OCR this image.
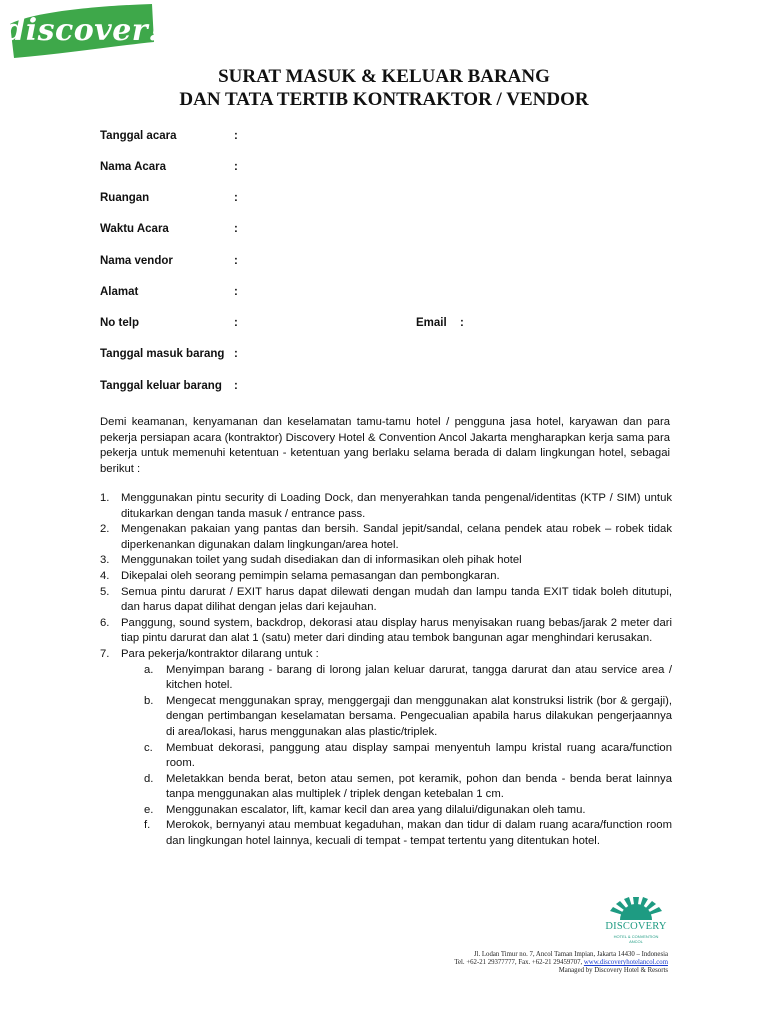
discover!
SURAT MASUK & KELUAR BARANG
DAN TATA TERTIB KONTRAKTOR / VENDOR
Tanggal acara	:
Nama Acara	:
Ruangan	:
Waktu Acara	:
Nama vendor	:
Alamat	:
No telp	:	Email :
Tanggal masuk barang :
Tanggal keluar barang :
Demi keamanan, kenyamanan dan keselamatan tamu-tamu hotel / pengguna jasa hotel, karyawan dan para pekerja persiapan acara (kontraktor) Discovery Hotel & Convention Ancol Jakarta mengharapkan kerja sama para pekerja untuk memenuhi ketentuan - ketentuan yang berlaku selama berada di dalam lingkungan hotel, sebagai berikut :

1. Menggunakan pintu security di Loading Dock, dan menyerahkan tanda pengenal/identitas (KTP / SIM) untuk ditukarkan dengan tanda masuk / entrance pass.

2. Mengenakan pakaian yang pantas dan bersih. Sandal jepit/sandal, celana pendek atau robek – robek tidak diperkenankan digunakan dalam lingkungan/area hotel.

3. Menggunakan toilet yang sudah disediakan dan di informasikan oleh pihak hotel

4. Dikepalai oleh seorang pemimpin selama pemasangan dan pembongkaran.

5. Semua pintu darurat / EXIT harus dapat dilewati dengan mudah dan lampu tanda EXIT tidak boleh ditutupi, dan harus dapat dilihat dengan jelas dari kejauhan.

6. Panggung, sound system, backdrop, dekorasi atau display harus menyisakan ruang bebas/jarak 2 meter dari tiap pintu darurat dan alat 1 (satu) meter dari dinding atau tembok bangunan agar menghindari kerusakan.

7. Para pekerja/kontraktor dilarang untuk :

a. Menyimpan barang - barang di lorong jalan keluar darurat, tangga darurat dan atau service area / kitchen hotel.

b. Mengecat menggunakan spray, menggergaji dan menggunakan alat konstruksi listrik (bor & gergaji), dengan pertimbangan keselamatan bersama. Pengecualian apabila harus dilakukan pengerjaannya di area/lokasi, harus menggunakan alas plastic/triplek.

c. Membuat dekorasi, panggung atau display sampai menyentuh lampu kristal ruang acara/function room.

d. Meletakkan benda berat, beton atau semen, pot keramik, pohon dan benda - benda berat lainnya tanpa menggunakan alas multiplek / triplek dengan ketebalan 1 cm.

e. Menggunakan escalator, lift, kamar kecil dan area yang dilalui/digunakan oleh tamu.

f. Merokok, bernyanyi atau membuat kegaduhan, makan dan tidur di dalam ruang acara/function room dan lingkungan hotel lainnya, kecuali di tempat - tempat tertentu yang ditentukan hotel.

DISCOVERY
HOTEL & CONVENTION
ANCOL
Jl. Lodan Timur no. 7, Ancol Taman Impian, Jakarta 14430 – Indonesia
Tel. +62-21 29377777, Fax. +62-21 29459707, www.discoveryhotelancol.com
Managed by Discovery Hotel & Resorts
